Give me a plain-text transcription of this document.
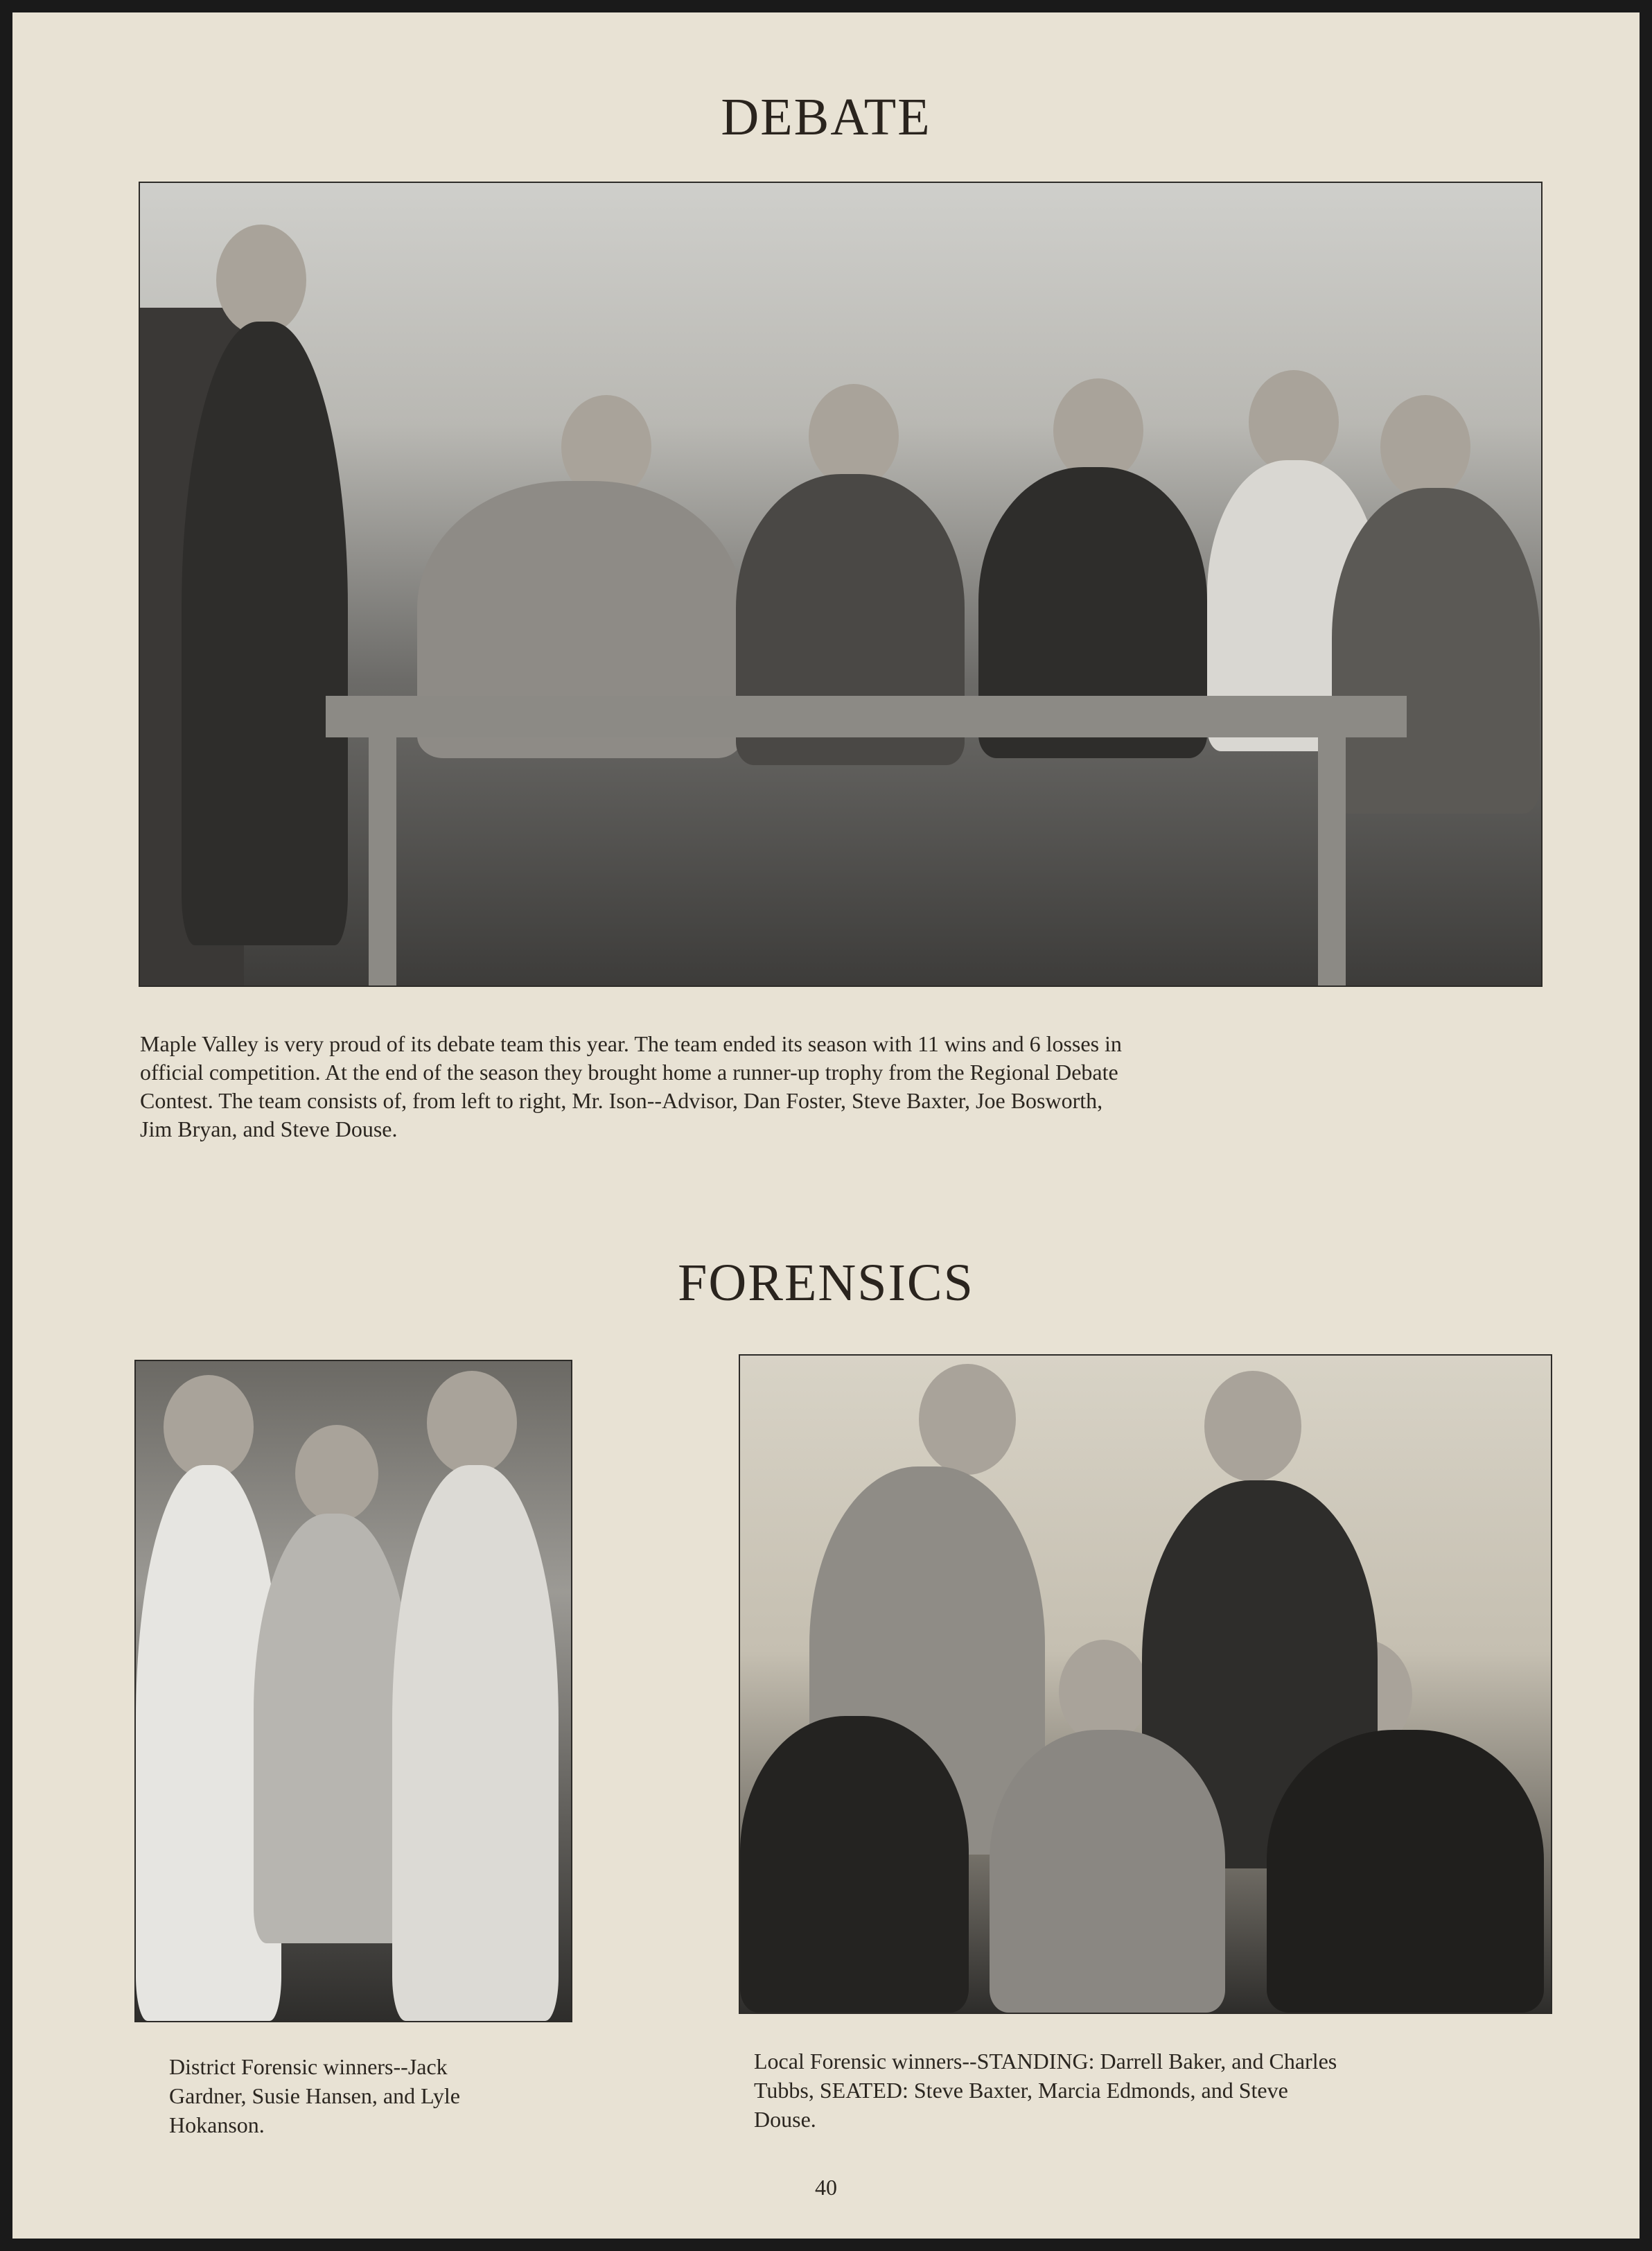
DEBATE

Maple Valley is very proud of its debate team this year. The team ended its season with 11 wins and 6 losses in

official competition. At the end of the season they brought home a runner-up trophy from the Regional Debate

Contest. The team consists of, from left to right, Mr. Ison--Advisor, Dan Foster, Steve Baxter, Joe Bosworth,

Jim Bryan, and Steve Douse.

FORENSICS

District Forensic winners--Jack

Gardner, Susie Hansen, and Lyle

Hokanson.

Local Forensic winners--STANDING: Darrell Baker, and Charles

Tubbs, SEATED: Steve Baxter, Marcia Edmonds, and Steve

Douse.

40
